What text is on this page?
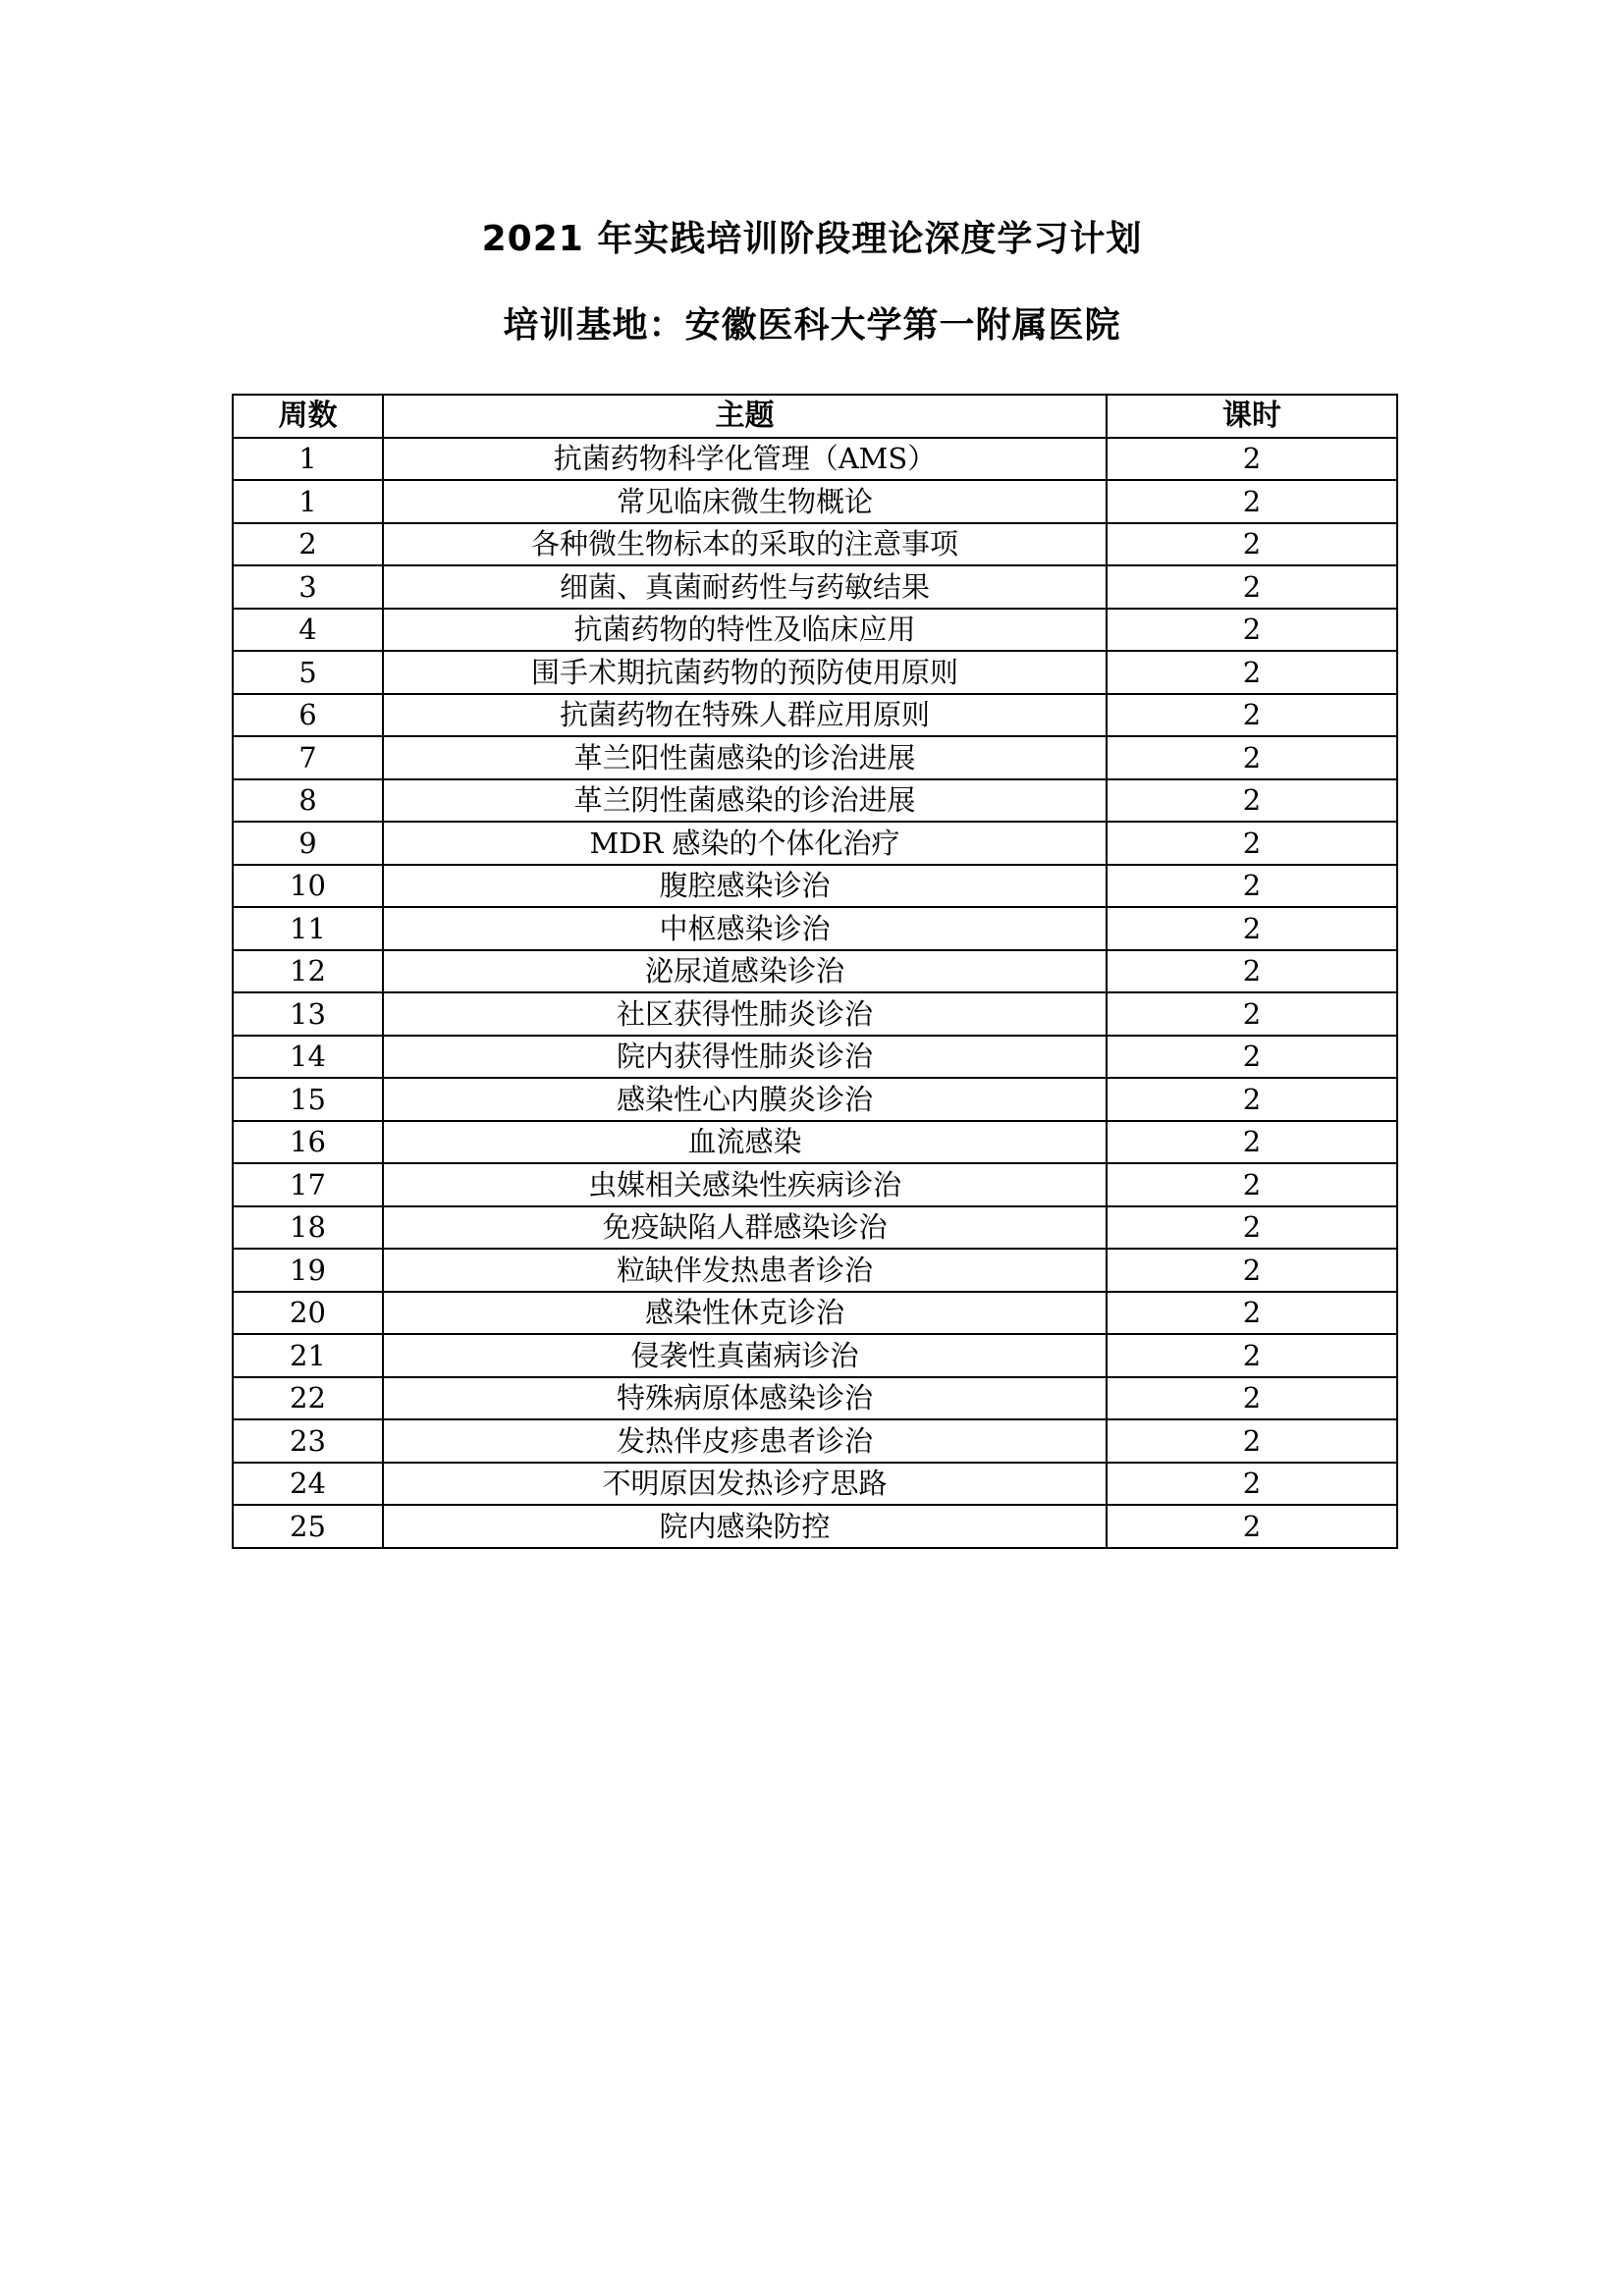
2021 年实践培训阶段理论深度学习计划
培训基地：安徽医科大学第一附属医院
周数	主题	课时
1	抗菌药物科学化管理（AMS）	2
1	常见临床微生物概论	2
2	各种微生物标本的采取的注意事项	2
3	细菌、真菌耐药性与药敏结果	2
4	抗菌药物的特性及临床应用	2
5	围手术期抗菌药物的预防使用原则	2
6	抗菌药物在特殊人群应用原则	2
7	革兰阳性菌感染的诊治进展	2
8	革兰阴性菌感染的诊治进展	2
9	MDR 感染的个体化治疗	2
10	腹腔感染诊治	2
11	中枢感染诊治	2
12	泌尿道感染诊治	2
13	社区获得性肺炎诊治	2
14	院内获得性肺炎诊治	2
15	感染性心内膜炎诊治	2
16	血流感染	2
17	虫媒相关感染性疾病诊治	2
18	免疫缺陷人群感染诊治	2
19	粒缺伴发热患者诊治	2
20	感染性休克诊治	2
21	侵袭性真菌病诊治	2
22	特殊病原体感染诊治	2
23	发热伴皮疹患者诊治	2
24	不明原因发热诊疗思路	2
25	院内感染防控	2
